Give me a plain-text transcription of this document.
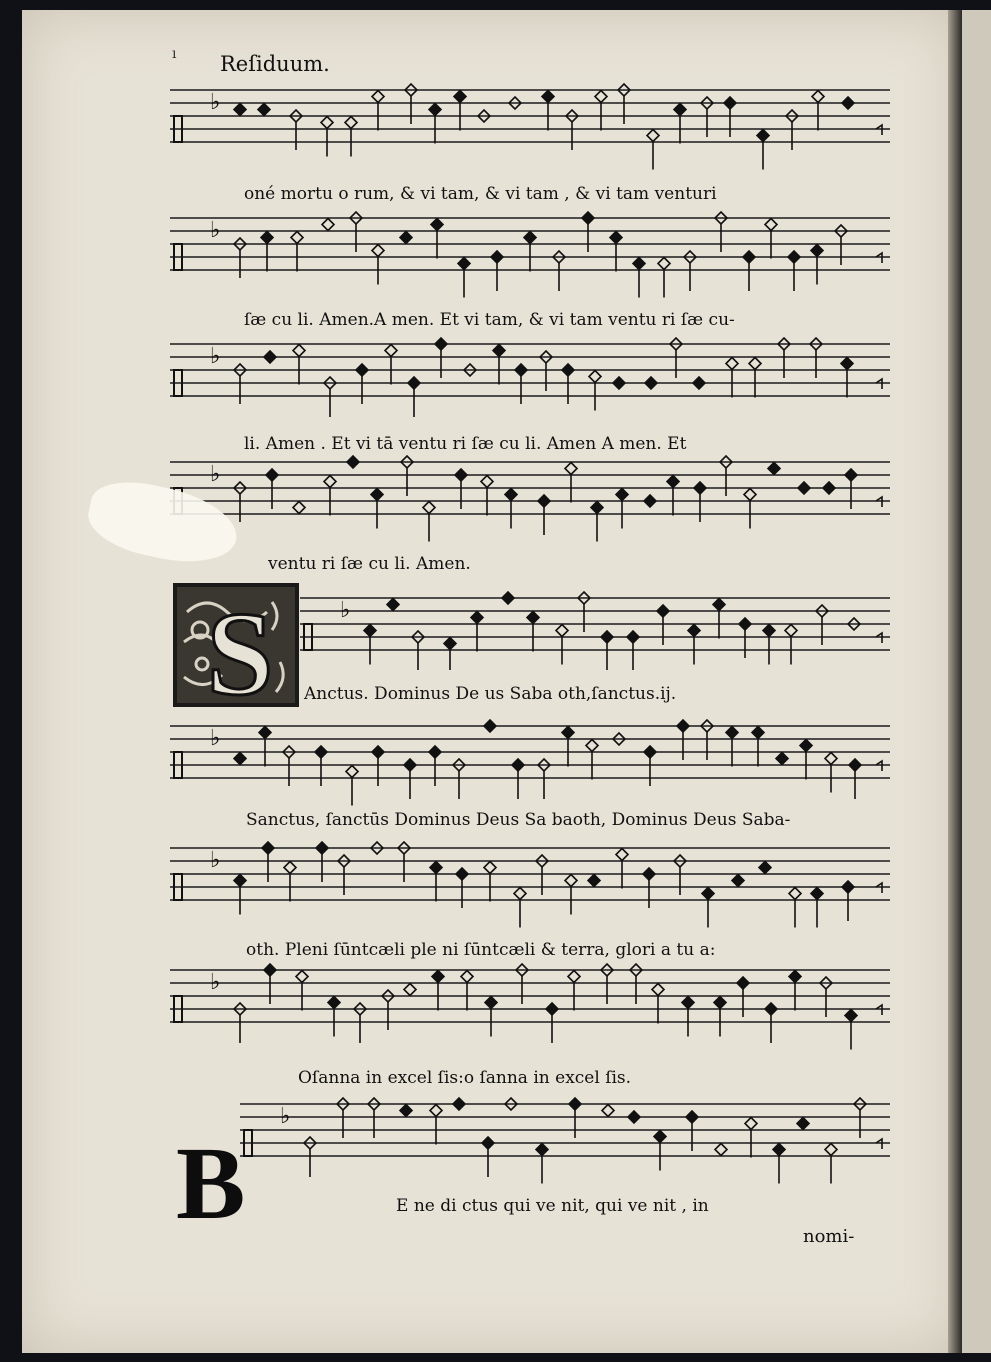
Reſiduum.
♭
♭
♭
♭
♭
♭
♭
♭
♭
oné mortu o rum, & vi tam, & vi tam , & vi tam venturi
ſæ cu li. Amen.A men. Et vi tam, & vi tam ventu ri ſæ cu-
li. Amen . Et vi tā ventu ri ſæ cu li. Amen A men. Et
ventu ri ſæ cu li. Amen.
Anctus. Dominus De us Saba oth,ſanctus.ij.
Sanctus, ſanctūs Dominus Deus Sa baoth, Dominus Deus Saba-
oth. Pleni ſūntcæli ple ni ſūntcæli & terra, glori a tu a:
Oſanna in excel ſis:o ſanna in excel ſis.
E ne di ctus qui ve nit, qui ve nit , in
nomi-
S
B
ı
